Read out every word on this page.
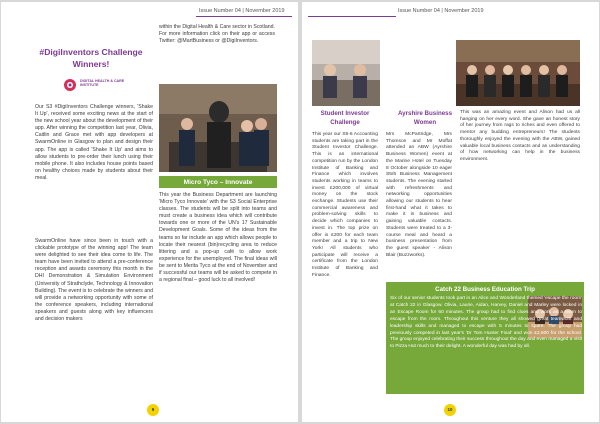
Issue Number 04 | November 2019
#DigiInventors Challenge Winners!
DIGITAL HEALTH & CARE INSTITUTE
Our S3 #DigiInventors Challenge winners, 'Shake It Up', received some exciting news at the start of the new school year about the development of their app. After winning the competition last year, Olivia, Caitlin and Grace met with app developers at SwarmOnline in Glasgow to plan and design their app. The app is called 'Shake It Up' and aims to allow students to pre-order their lunch using their mobile phone. It also includes house points based on healthy choices made by students about their meal.
SwarmOnline have since been in touch with a clickable prototype of the winning app! The team were delighted to see their idea come to life. The team have been invited to attend a pre-conference reception and awards ceremony this month in the DHI Demonstration & Simulation Environment (University of Strathclyde, Technology & Innovation Building). The event is to celebrate the winners and will provide a networking opportunity with some of the conference speakers, including international speakers and guests along with key influencers and decision makers
within the Digital Health & Care sector in Scotland. For more information click on their app or access Twitter: @MartBusiness or @DigiInventors.
Micro Tyco – Innovate
This year the Business Department are launching 'Micro Tyco Innovate' with the S3 Social Enterprise classes. The students will be split into teams and must create a business idea which will contribute towards one or more of the UN's 17 Sustainable Development Goals. Some of the ideas from the teams so far include an app which allows people to locate their nearest (bin)recycling area to reduce littering and a pop-up café to allow work experience for the unemployed. The final ideas will be sent to Merita Tyco at the end of November and if successful our teams will be asked to compete in a regional final – good luck to all involved!
9
Issue Number 04 | November 2019
Student Investor Challenge
Ayrshire Business Women
This year our S5-6 Accounting students are taking part in the Student Investor Challenge. This is an international competition run by the London Institute of Banking and Finance which involves students working in teams to invest £200,000 of virtual money on the stock exchange. Students use their commercial awareness and problem-solving skills to decide which companies to invest in. The top prize on offer is £200 for each team member and a trip to New York! All students who participate will receive a certificate from the London Institute of Banking and Finance.
Mrs McPartridge, Mrs Thomson and Mr Moffat attended an ABW (Ayrshire Business Women) event at the Marine Hotel on Tuesday 8 October alongside 10 eager S5/6 Business Management students. The evening started with refreshments and networking opportunities allowing our students to hear first-hand what it takes to make it in business and gaining valuable contacts. Students were treated to a 3-course meal and heard a business presentation from the guest speaker - Alison Blair (Buzzworks).
This was an amazing event and Alison had us all hanging on her every word. She gave an honest story of her journey from rags to riches and even offered to mentor any budding entrepreneurs! The students thoroughly enjoyed the evening with the ABW, gained valuable local business contacts and an understanding of how networking can help in the business environment.
Catch 22 Business Education Trip
Six of our senior students took part in an Alice and Wonderland themed 'escape the room' at Catch 22 in Glasgow. Olivia, Laurie, Aidan, Harvey, Daniel and Marley were locked in an Escape Room for 60 minutes. The group had to find clues and work as a team to escape from the room. Throughout this venture they all showed great teamwork and leadership skills and managed to escape with 5 minutes to spare. The group had previously competed in last year's 'Dr Tom Hunter Final' and won £2,500 for the school. The group enjoyed celebrating their success throughout the day and even managed a visit to Pizza Hut much to their delight. A wonderful day was had by all.
10
